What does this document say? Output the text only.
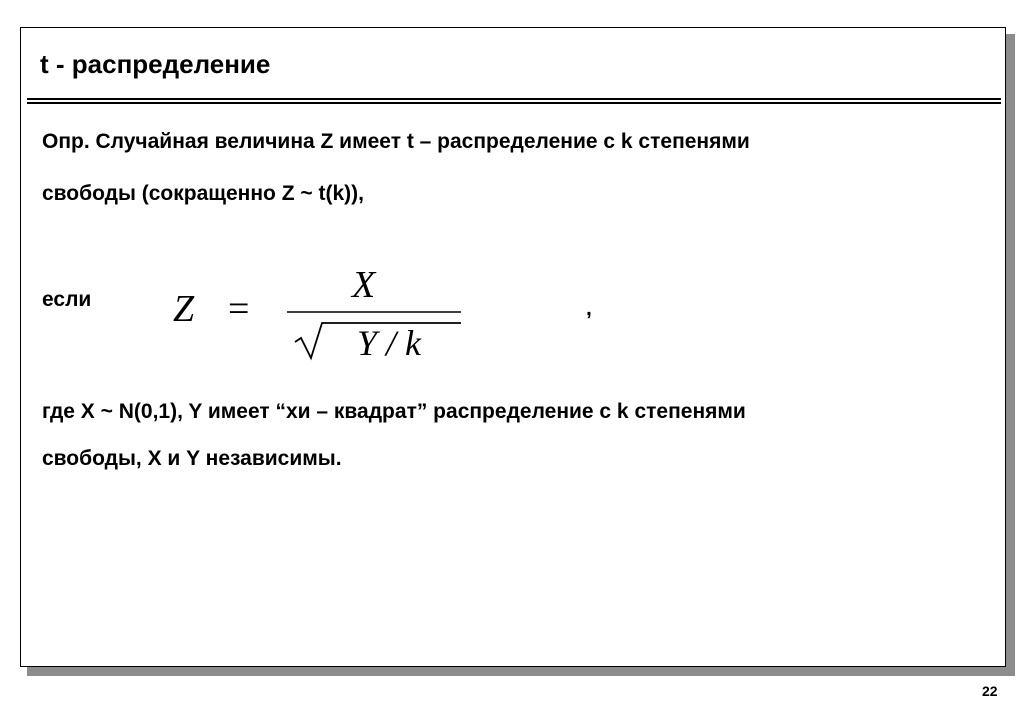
t - распределение

Опр. Случайная величина Z имеет t – распределение с k степенями

свободы (сокращенно Z ~ t(k)),

если Z =
X
Y / k
,

где X ~ N(0,1), Y имеет “хи – квадрат” распределение с k степенями

свободы, X и Y независимы.

22
